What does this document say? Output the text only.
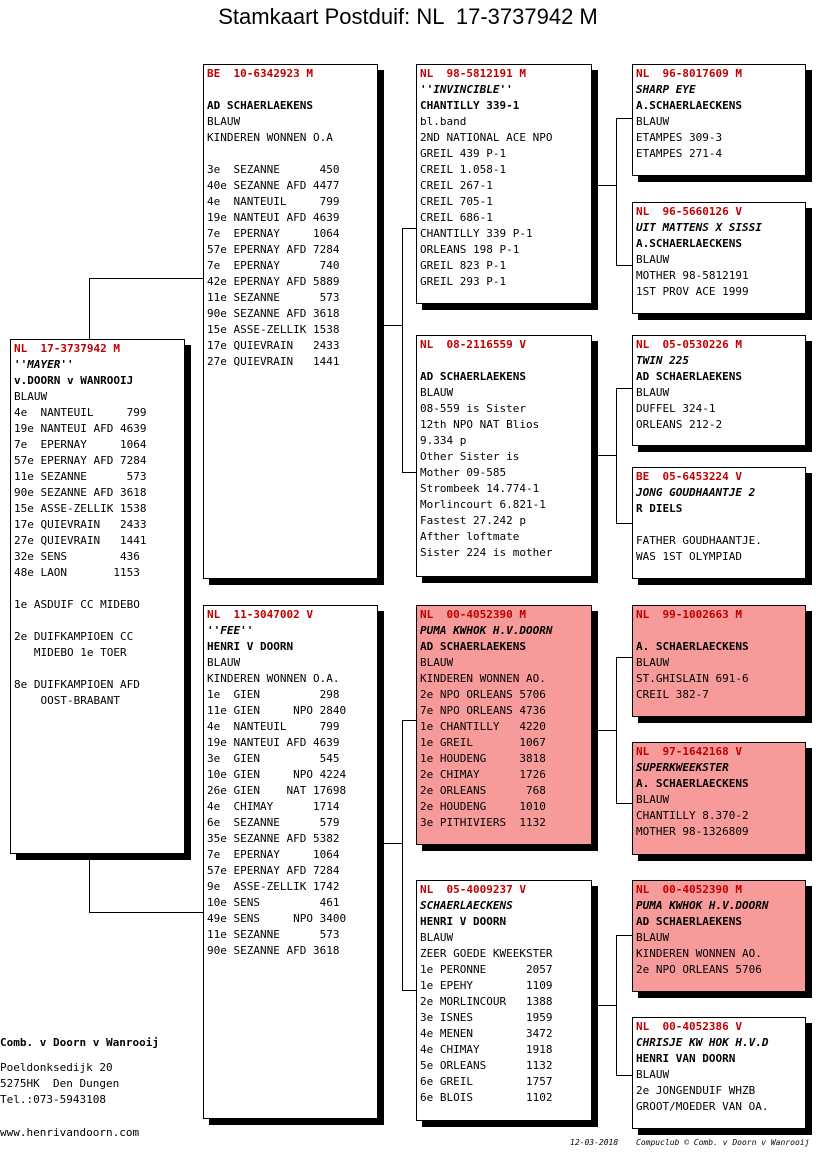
Stamkaart Postduif: NL  17-3737942 M
NL  17-3737942 M
''MAYER''
v.DOORN v WANROOIJ
BLAUW
4e  NANTEUIL     799
19e NANTEUI AFD 4639
7e  EPERNAY     1064
57e EPERNAY AFD 7284
11e SEZANNE      573
90e SEZANNE AFD 3618
15e ASSE-ZELLIK 1538
17e QUIEVRAIN   2433
27e QUIEVRAIN   1441
32e SENS        436
48e LAON       1153
1e ASDUIF CC MIDEBO
2e DUIFKAMPIOEN CC
MIDEBO 1e TOER
8e DUIFKAMPIOEN AFD
OOST-BRABANT
BE  10-6342923 M
AD SCHAERLAEKENS
BLAUW
KINDEREN WONNEN O.A
3e  SEZANNE      450
40e SEZANNE AFD 4477
4e  NANTEUIL     799
19e NANTEUI AFD 4639
7e  EPERNAY     1064
57e EPERNAY AFD 7284
7e  EPERNAY      740
42e EPERNAY AFD 5889
11e SEZANNE      573
90e SEZANNE AFD 3618
15e ASSE-ZELLIK 1538
17e QUIEVRAIN   2433
27e QUIEVRAIN   1441
NL  11-3047002 V
''FEE''
HENRI V DOORN
BLAUW
KINDEREN WONNEN O.A.
1e  GIEN         298
11e GIEN     NPO 2840
4e  NANTEUIL     799
19e NANTEUI AFD 4639
3e  GIEN         545
10e GIEN     NPO 4224
26e GIEN    NAT 17698
4e  CHIMAY      1714
6e  SEZANNE      579
35e SEZANNE AFD 5382
7e  EPERNAY     1064
57e EPERNAY AFD 7284
9e  ASSE-ZELLIK 1742
10e SENS         461
49e SENS     NPO 3400
11e SEZANNE      573
90e SEZANNE AFD 3618
NL  98-5812191 M
''INVINCIBLE''
CHANTILLY 339-1
bl.band
2ND NATIONAL ACE NPO
GREIL 439 P-1
CREIL 1.058-1
CREIL 267-1
CREIL 705-1
CREIL 686-1
CHANTILLY 339 P-1
ORLEANS 198 P-1
GREIL 823 P-1
GREIL 293 P-1
NL  08-2116559 V
AD SCHAERLAEKENS
BLAUW
08-559 is Sister
12th NPO NAT Blios
9.334 p
Other Sister is
Mother 09-585
Strombeek 14.774-1
Morlincourt 6.821-1
Fastest 27.242 p
Afther loftmate
Sister 224 is mother
NL  00-4052390 M
PUMA KWHOK H.V.DOORN
AD SCHAERLAEKENS
BLAUW
KINDEREN WONNEN AO.
2e NPO ORLEANS 5706
7e NPO ORLEANS 4736
1e CHANTILLY   4220
1e GREIL       1067
1e HOUDENG     3818
2e CHIMAY      1726
2e ORLEANS      768
2e HOUDENG     1010
3e PITHIVIERS  1132
NL  05-4009237 V
SCHAERLAECKENS
HENRI V DOORN
BLAUW
ZEER GOEDE KWEEKSTER
1e PERONNE      2057
1e EPEHY        1109
2e MORLINCOUR   1388
3e ISNES        1959
4e MENEN        3472
4e CHIMAY       1918
5e ORLEANS      1132
6e GREIL        1757
6e BLOIS        1102
NL  96-8017609 M
SHARP EYE
A.SCHAERLAECKENS
BLAUW
ETAMPES 309-3
ETAMPES 271-4
NL  96-5660126 V
UIT MATTENS X SISSI
A.SCHAERLAECKENS
BLAUW
MOTHER 98-5812191
1ST PROV ACE 1999
NL  05-0530226 M
TWIN 225
AD SCHAERLAEKENS
BLAUW
DUFFEL 324-1
ORLEANS 212-2
BE  05-6453224 V
JONG GOUDHAANTJE 2
R DIELS
FATHER GOUDHAANTJE.
WAS 1ST OLYMPIAD
NL  99-1002663 M
A. SCHAERLAECKENS
BLAUW
ST.GHISLAIN 691-6
CREIL 382-7
NL  97-1642168 V
SUPERKWEEKSTER
A. SCHAERLAECKENS
BLAUW
CHANTILLY 8.370-2
MOTHER 98-1326809
NL  00-4052390 M
PUMA KWHOK H.V.DOORN
AD SCHAERLAEKENS
BLAUW
KINDEREN WONNEN AO.
2e NPO ORLEANS 5706
NL  00-4052386 V
CHRISJE KW HOK H.V.D
HENRI VAN DOORN
BLAUW
2e JONGENDUIF WHZB
GROOT/MOEDER VAN OA.
Comb. v Doorn v Wanrooij
Poeldonksedijk 20
5275HK  Den Dungen
Tel.:073-5943108
www.henrivandoorn.com
12-03-2018 Compuclub © Comb. v Doorn v Wanrooij
